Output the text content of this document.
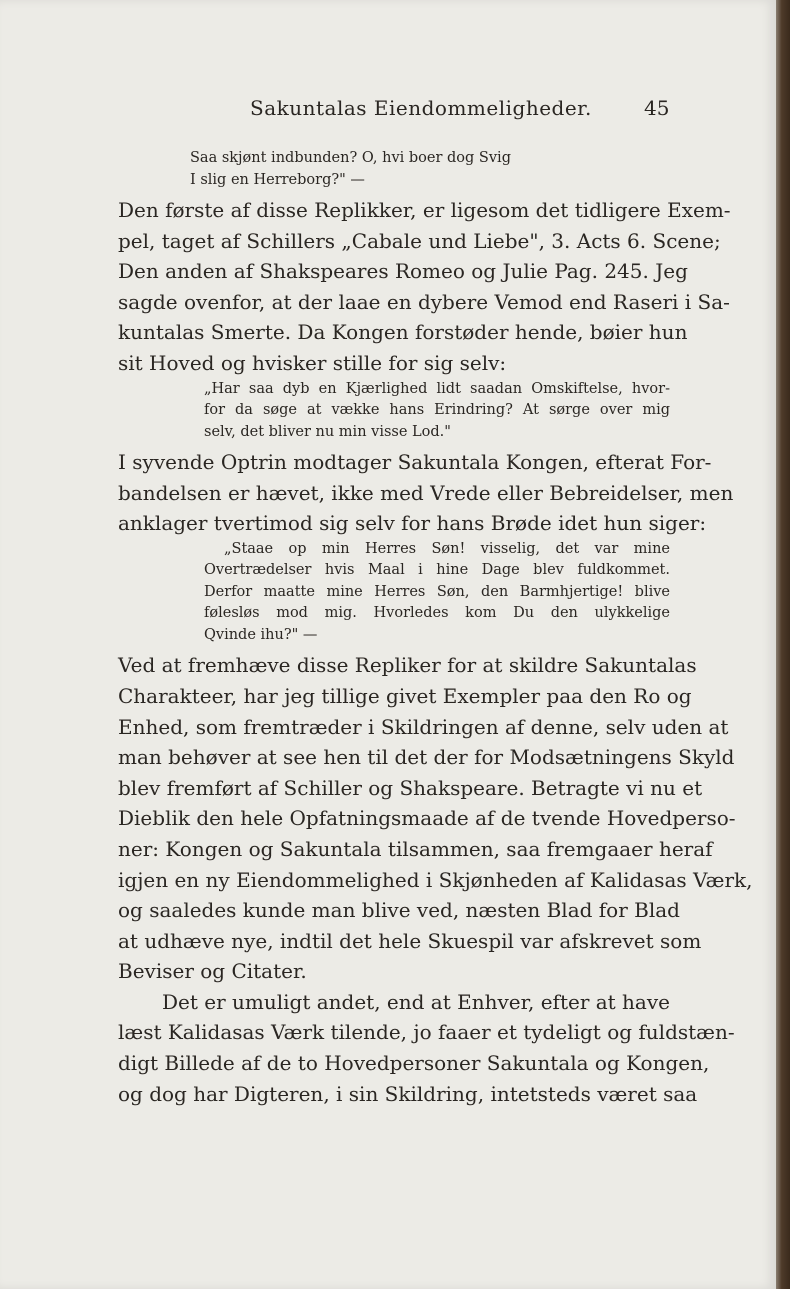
Sakuntalas Eiendommeligheder.	45
Saa skjønt indbunden? O, hvi boer dog Svig
I slig en Herreborg?" —
Den første af disse Replikker, er ligesom det tidligere Exem-
pel, taget af Schillers „Cabale und Liebe", 3. Acts 6. Scene;
Den anden af Shakspeares Romeo og Julie Pag. 245. Jeg
sagde ovenfor, at der laae en dybere Vemod end Raseri i Sa-
kuntalas Smerte. Da Kongen forstøder hende, bøier hun
sit Hoved og hvisker stille for sig selv:
„Har saa dyb en Kjærlighed lidt saadan Omskiftelse, hvor-
for da søge at vække hans Erindring? At sørge over mig
selv, det bliver nu min visse Lod."
I syvende Optrin modtager Sakuntala Kongen, efterat For-
bandelsen er hævet, ikke med Vrede eller Bebreidelser, men
anklager tvertimod sig selv for hans Brøde idet hun siger:
„Staae op min Herres Søn! visselig, det var mine
Overtrædelser hvis Maal i hine Dage blev fuldkommet.
Derfor maatte mine Herres Søn, den Barmhjertige! blive
følesløs mod mig. Hvorledes kom Du den ulykkelige
Qvinde ihu?" —
Ved at fremhæve disse Repliker for at skildre Sakuntalas
Charakteer, har jeg tillige givet Exempler paa den Ro og
Enhed, som fremtræder i Skildringen af denne, selv uden at
man behøver at see hen til det der for Modsætningens Skyld
blev fremført af Schiller og Shakspeare. Betragte vi nu et
Dieblik den hele Opfatningsmaade af de tvende Hovedperso-
ner: Kongen og Sakuntala tilsammen, saa fremgaaer heraf
igjen en ny Eiendommelighed i Skjønheden af Kalidasas Værk,
og saaledes kunde man blive ved, næsten Blad for Blad
at udhæve nye, indtil det hele Skuespil var afskrevet som
Beviser og Citater.
Det er umuligt andet, end at Enhver, efter at have
læst Kalidasas Værk tilende, jo faaer et tydeligt og fuldstæn-
digt Billede af de to Hovedpersoner Sakuntala og Kongen,
og dog har Digteren, i sin Skildring, intetsteds været saa
